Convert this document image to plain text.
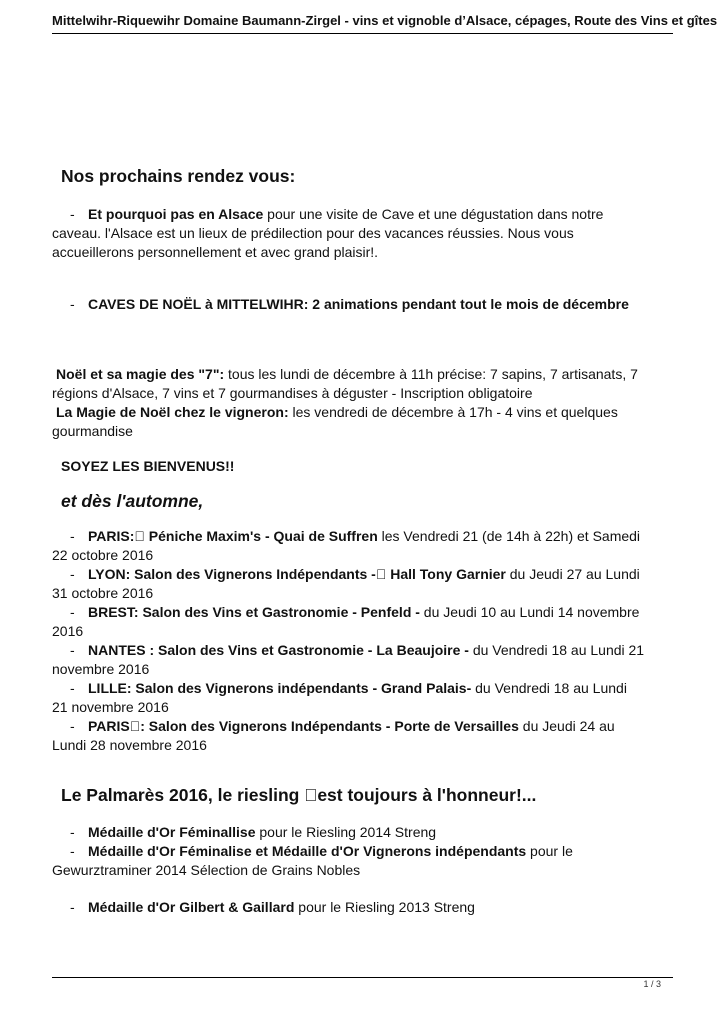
Mittelwihr-Riquewihr Domaine Baumann-Zirgel - vins et vignoble d’Alsace, cépages, Route des Vins et gîtes
Nos prochains rendez vous:

- Et pourquoi pas en Alsace pour une visite de Cave et une dégustation dans notre

caveau. l'Alsace est un lieux de prédilection pour des vacances réussies. Nous vous

accueillerons personnellement et avec grand plaisir!.

- CAVES DE NOËL à MITTELWIHR: 2 animations pendant tout le mois de décembre

Noël et sa magie des "7": tous les lundi de décembre à 11h précise: 7 sapins, 7 artisanats, 7

régions d'Alsace, 7 vins et 7 gourmandises à déguster - Inscription obligatoire

La Magie de Noël chez le vigneron: les vendredi de décembre à 17h - 4 vins et quelques

gourmandise

SOYEZ LES BIENVENUS!!

et dès l'automne,

- PARIS: Péniche Maxim's - Quai de Suffren les Vendredi 21 (de 14h à 22h) et Samedi

22 octobre 2016

- LYON: Salon des Vignerons Indépendants - Hall Tony Garnier du Jeudi 27 au Lundi

31 octobre 2016

- BREST: Salon des Vins et Gastronomie - Penfeld - du Jeudi 10 au Lundi 14 novembre

2016

- NANTES : Salon des Vins et Gastronomie - La Beaujoire - du Vendredi 18 au Lundi 21

novembre 2016

- LILLE: Salon des Vignerons indépendants - Grand Palais- du Vendredi 18 au Lundi

21 novembre 2016

- PARIS : Salon des Vignerons Indépendants - Porte de Versailles du Jeudi 24 au

Lundi 28 novembre 2016

Le Palmarès 2016, le riesling est toujours à l'honneur!...

- Médaille d'Or Féminallise pour le Riesling 2014 Streng

- Médaille d'Or Féminalise et Médaille d'Or Vignerons indépendants pour le

Gewurztraminer 2014 Sélection de Grains Nobles

- Médaille d'Or Gilbert & Gaillard pour le Riesling 2013 Streng

1 / 3
